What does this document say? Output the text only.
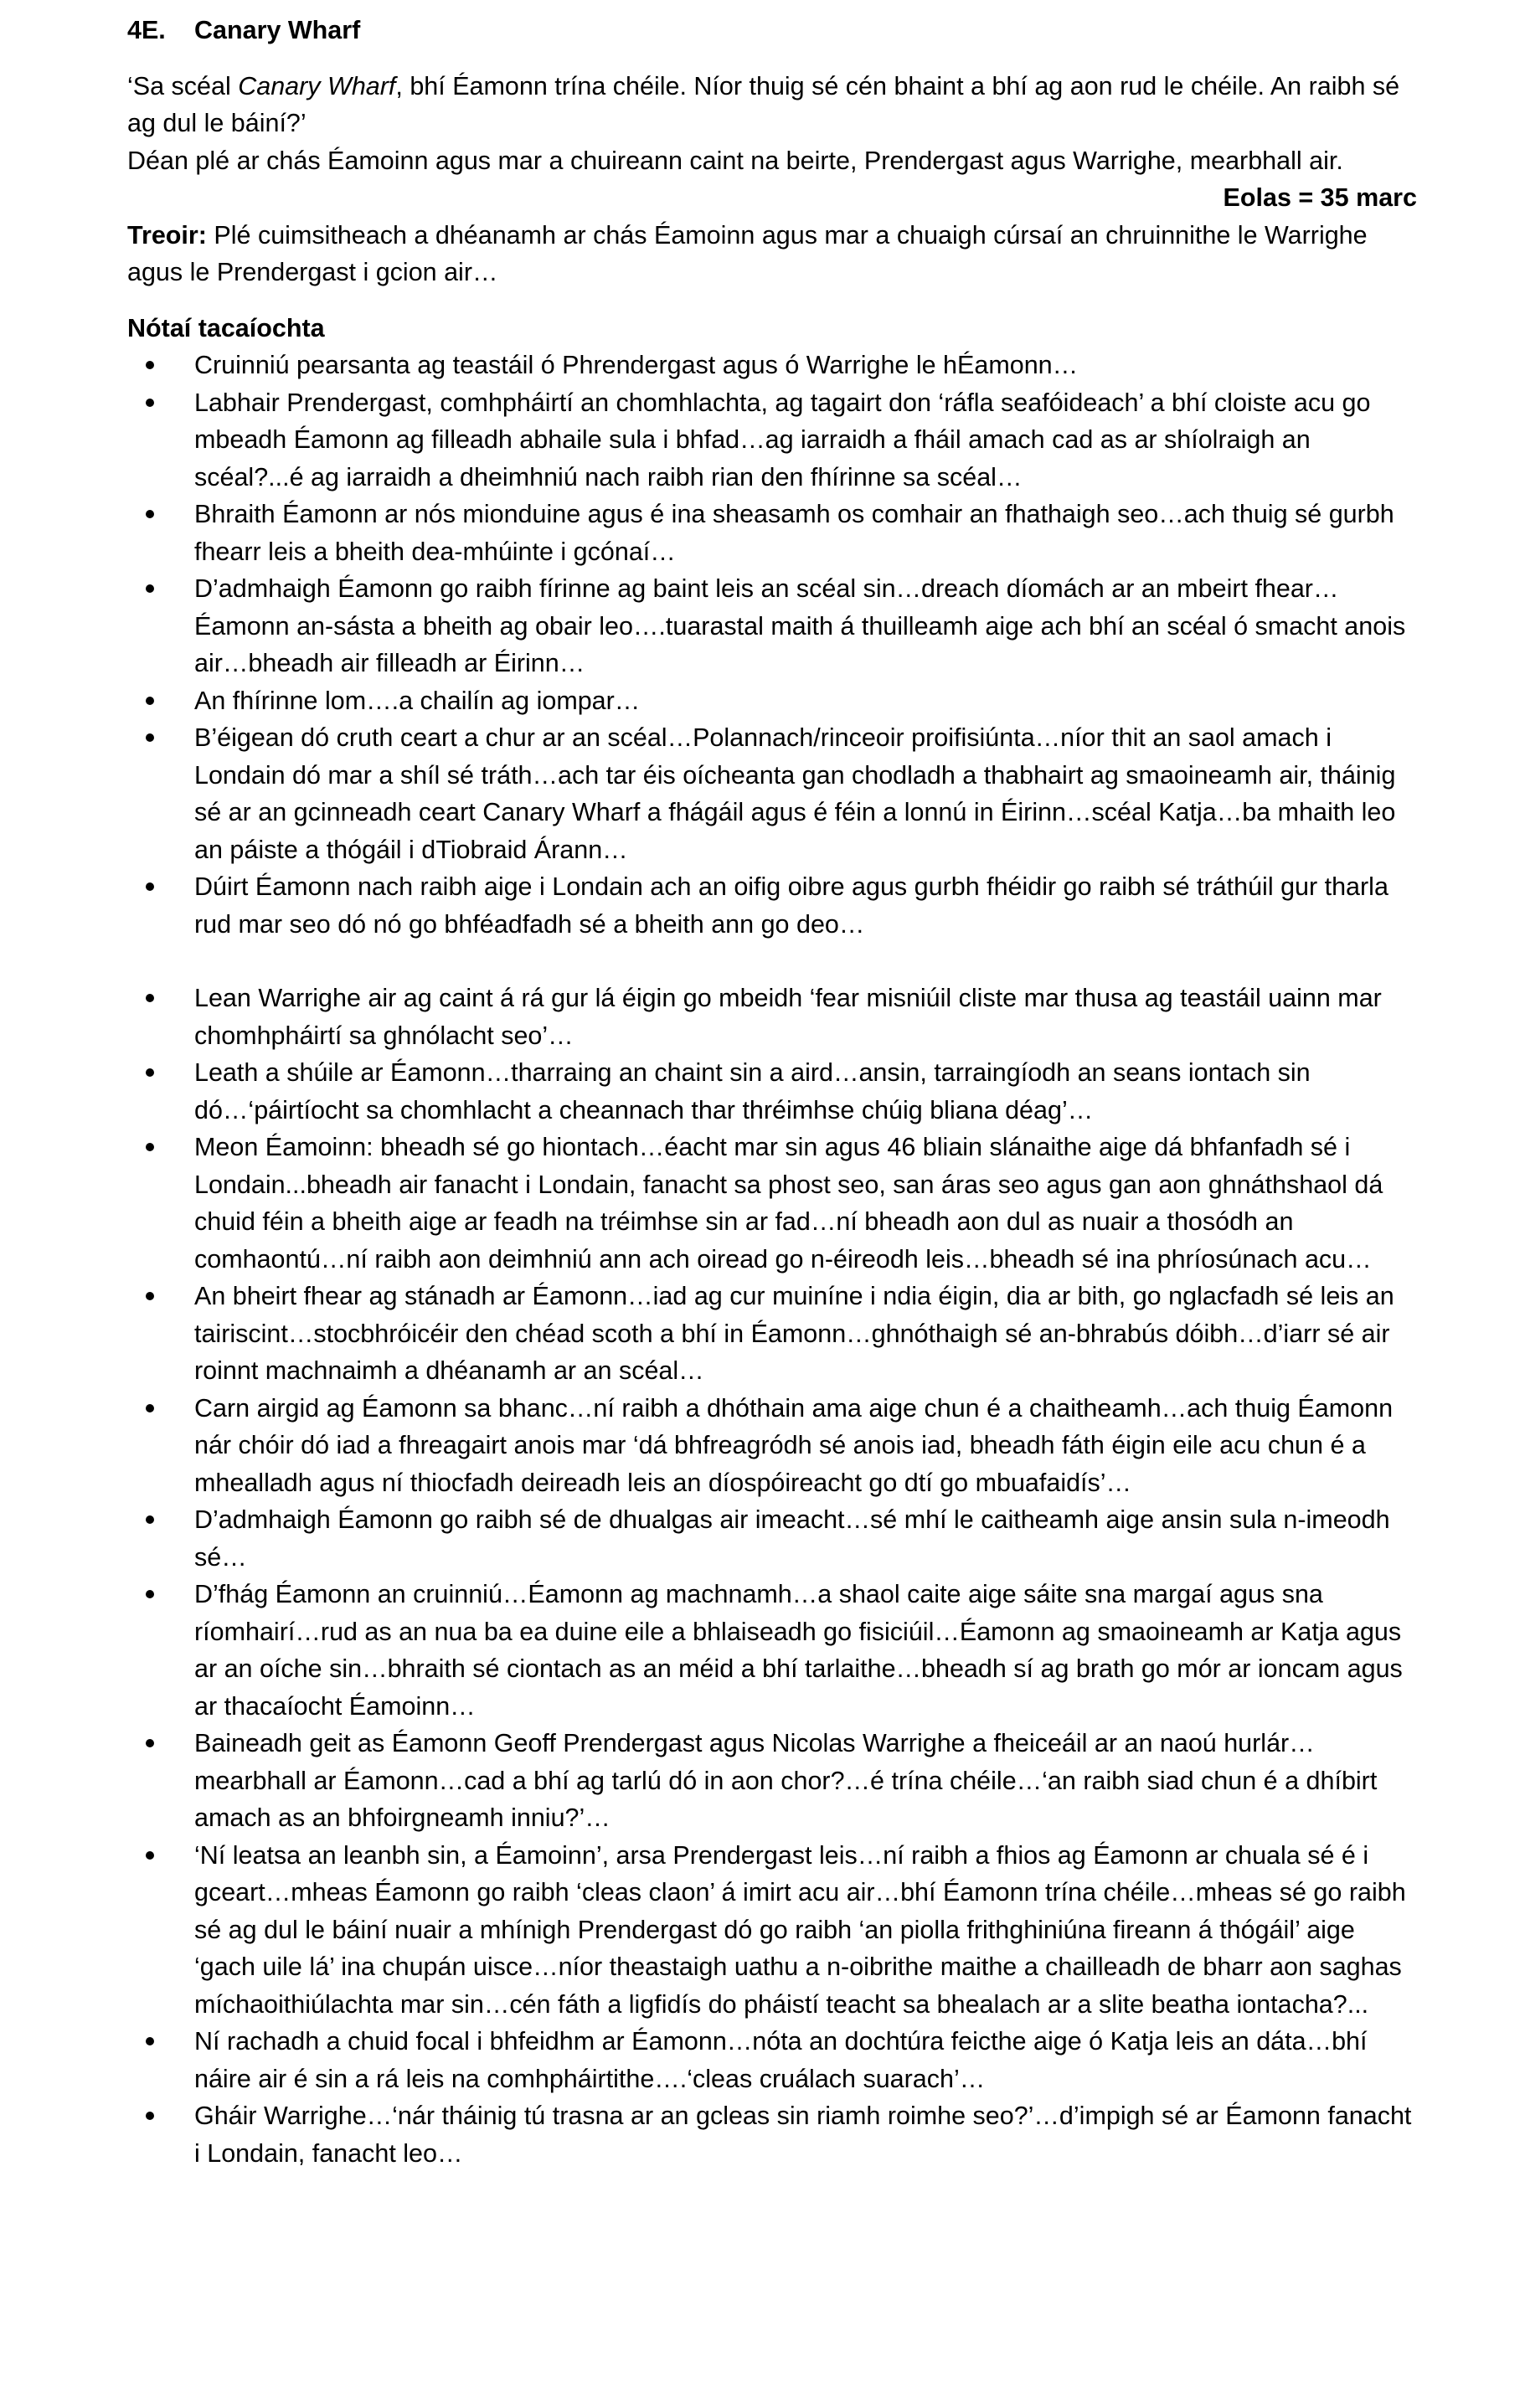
4E. Canary Wharf

‘Sa scéal Canary Wharf, bhí Éamonn trína chéile. Níor thuig sé cén bhaint a bhí ag aon rud le chéile. An raibh sé ag dul le báiní?’

Déan plé ar chás Éamoinn agus mar a chuireann caint na beirte, Prendergast agus Warrighe, mearbhall air.

Eolas = 35 marc

Treoir: Plé cuimsitheach a dhéanamh ar chás Éamoinn agus mar a chuaigh cúrsaí an chruinnithe le Warrighe agus le Prendergast i gcion air…

Nótaí tacaíochta
Cruinniú pearsanta ag teastáil ó Phrendergast agus ó Warrighe le hÉamonn…
Labhair Prendergast, comhpháirtí an chomhlachta, ag tagairt don ‘ráfla seafóideach’ a bhí cloiste acu go mbeadh Éamonn ag filleadh abhaile sula i bhfad…ag iarraidh a fháil amach cad as ar shíolraigh an scéal?...é ag iarraidh a dheimhniú nach raibh rian den fhírinne sa scéal…
Bhraith Éamonn ar nós mionduine agus é ina sheasamh os comhair an fhathaigh seo…ach thuig sé gurbh fhearr leis a bheith dea-mhúinte i gcónaí…
D’admhaigh Éamonn go raibh fírinne ag baint leis an scéal sin…dreach díomách ar an mbeirt fhear…Éamonn an-sásta a bheith ag obair leo….tuarastal maith á thuilleamh aige ach bhí an scéal ó smacht anois air…bheadh air filleadh ar Éirinn…
An fhírinne lom….a chailín ag iompar…
B’éigean dó cruth ceart a chur ar an scéal…Polannach/rinceoir proifisiúnta…níor thit an saol amach i Londain dó mar a shíl sé tráth…ach tar éis oícheanta gan chodladh a thabhairt ag smaoineamh air, tháinig sé ar an gcinneadh ceart Canary Wharf a fhágáil agus é féin a lonnú in Éirinn…scéal Katja…ba mhaith leo an páiste a thógáil i dTiobraid Árann…
Dúirt Éamonn nach raibh aige i Londain ach an oifig oibre agus gurbh fhéidir go raibh sé tráthúil gur tharla rud mar seo dó nó go bhféadfadh sé a bheith ann go deo…
Lean Warrighe air ag caint á rá gur lá éigin go mbeidh ‘fear misniúil cliste mar thusa ag teastáil uainn mar chomhpháirtí sa ghnólacht seo’…
Leath a shúile ar Éamonn…tharraing an chaint sin a aird…ansin, tarraingíodh an seans iontach sin dó…‘páirtíocht sa chomhlacht a cheannach thar thréimhse chúig bliana déag’…
Meon Éamoinn: bheadh sé go hiontach…éacht mar sin agus 46 bliain slánaithe aige dá bhfanfadh sé i Londain...bheadh air fanacht i Londain, fanacht sa phost seo, san áras seo agus gan aon ghnáthshaol dá chuid féin a bheith aige ar feadh na tréimhse sin ar fad…ní bheadh aon dul as nuair a thosódh an comhaontú…ní raibh aon deimhniú ann ach oiread go n-éireodh leis…bheadh sé ina phríosúnach acu…
An bheirt fhear ag stánadh ar Éamonn…iad ag cur muiníne i ndia éigin, dia ar bith, go nglacfadh sé leis an tairiscint…stocbhróicéir den chéad scoth a bhí in Éamonn…ghnóthaigh sé an-bhrabús dóibh…d’iarr sé air roinnt machnaimh a dhéanamh ar an scéal…
Carn airgid ag Éamonn sa bhanc…ní raibh a dhóthain ama aige chun é a chaitheamh…ach thuig Éamonn nár chóir dó iad a fhreagairt anois mar ‘dá bhfreagródh sé anois iad, bheadh fáth éigin eile acu chun é a mhealladh agus ní thiocfadh deireadh leis an díospóireacht go dtí go mbuafaidís’…
D’admhaigh Éamonn go raibh sé de dhualgas air imeacht…sé mhí le caitheamh aige ansin sula n-imeodh sé…
D’fhág Éamonn an cruinniú…Éamonn ag machnamh…a shaol caite aige sáite sna margaí agus sna ríomhairí…rud as an nua ba ea duine eile a bhlaiseadh go fisiciúil…Éamonn ag smaoineamh ar Katja agus ar an oíche sin…bhraith sé ciontach as an méid a bhí tarlaithe…bheadh sí ag brath go mór ar ioncam agus ar thacaíocht Éamoinn…
Baineadh geit as Éamonn Geoff Prendergast agus Nicolas Warrighe a fheiceáil ar an naoú hurlár…mearbhall ar Éamonn…cad a bhí ag tarlú dó in aon chor?…é trína chéile…‘an raibh siad chun é a dhíbirt amach as an bhfoirgneamh inniu?’…
‘Ní leatsa an leanbh sin, a Éamoinn’, arsa Prendergast leis…ní raibh a fhios ag Éamonn ar chuala sé é i gceart…mheas Éamonn go raibh ‘cleas claon’ á imirt acu air…bhí Éamonn trína chéile…mheas sé go raibh sé ag dul le báiní nuair a mhínigh Prendergast dó go raibh ‘an piolla frithghiniúna fireann á thógáil’ aige ‘gach uile lá’ ina chupán uisce…níor theastaigh uathu a n-oibrithe maithe a chailleadh de bharr aon saghas míchaoithiúlachta mar sin…cén fáth a ligfidís do pháistí teacht sa bhealach ar a slite beatha iontacha?...
Ní rachadh a chuid focal i bhfeidhm ar Éamonn…nóta an dochtúra feicthe aige ó Katja leis an dáta…bhí náire air é sin a rá leis na comhpháirtithe….‘cleas cruálach suarach’…
Gháir Warrighe…‘nár tháinig tú trasna ar an gcleas sin riamh roimhe seo?’…d’impigh sé ar Éamonn fanacht i Londain, fanacht leo…
